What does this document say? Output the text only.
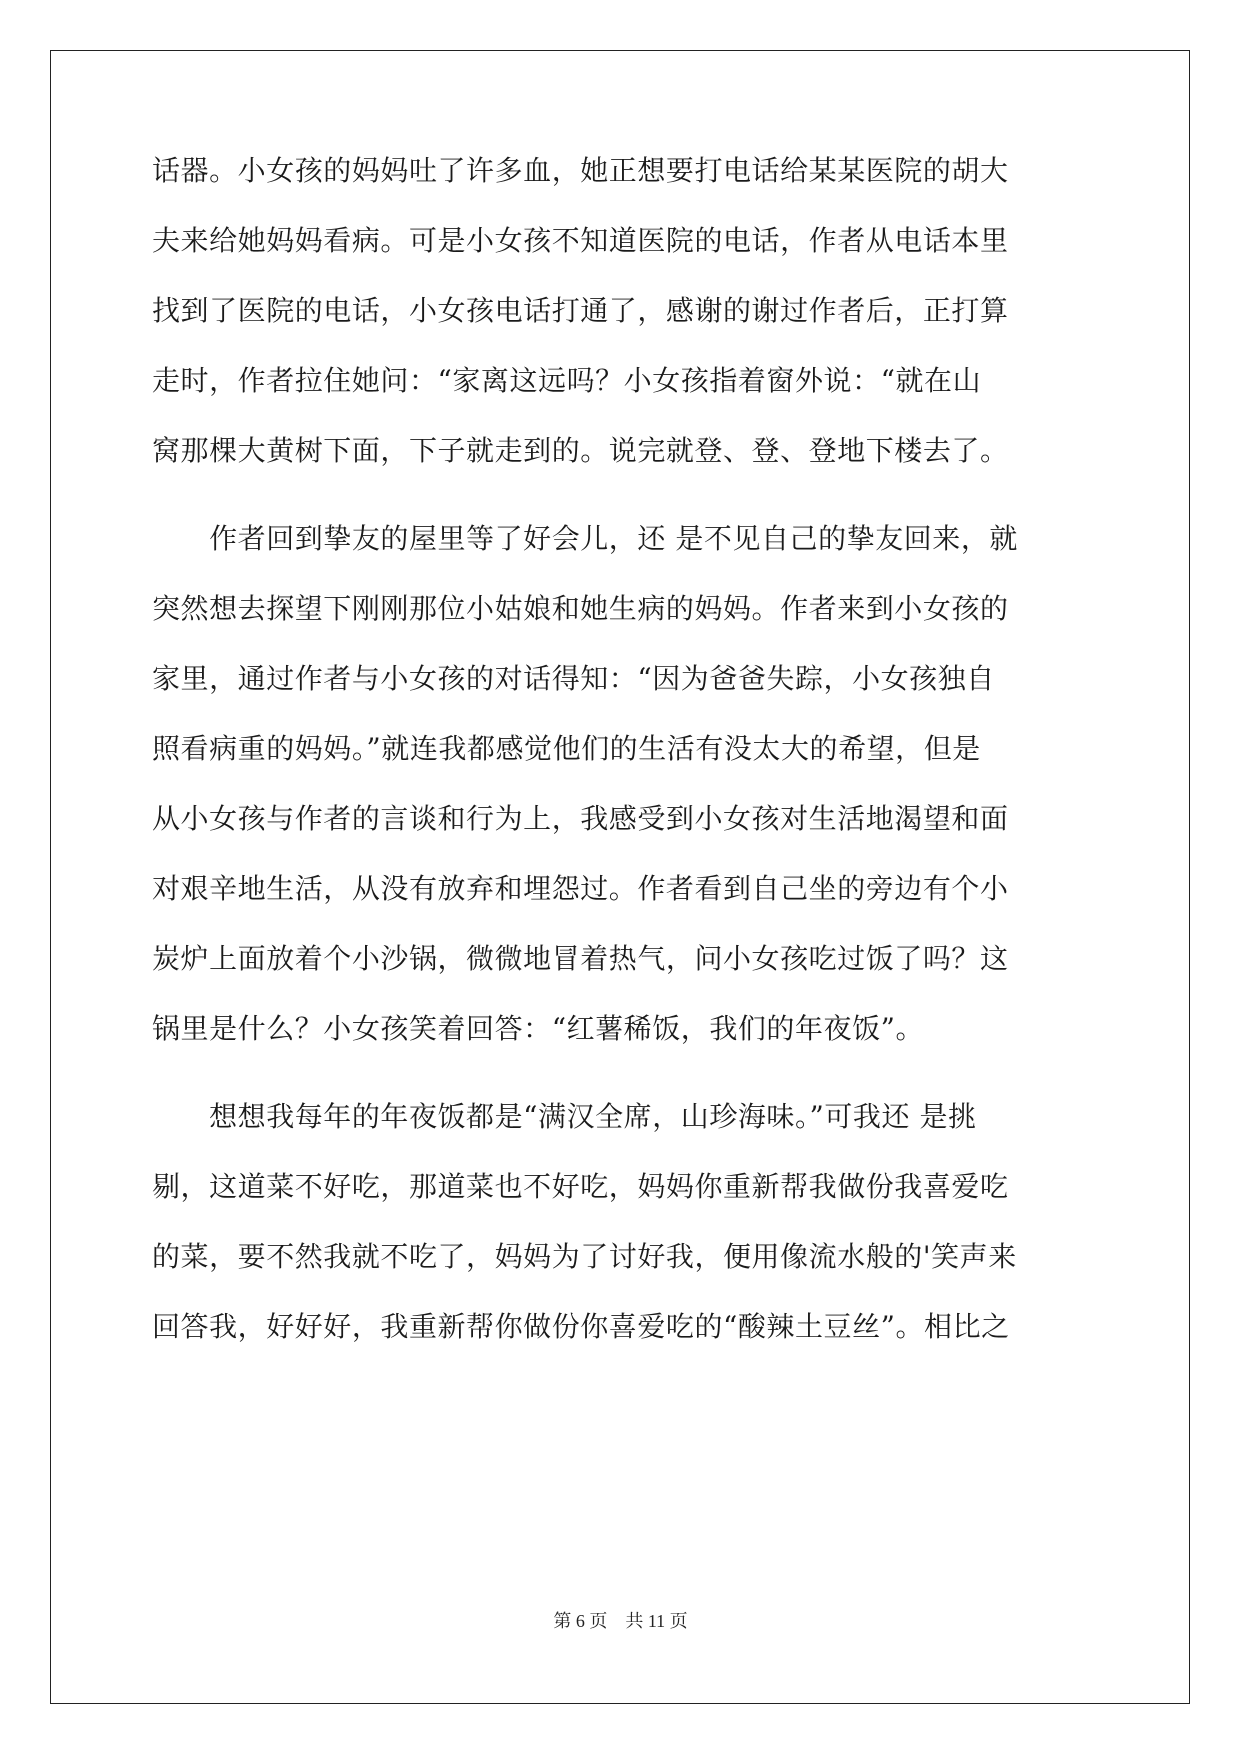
话器。小女孩的妈妈吐了许多血，她正想要打电话给某某医院的胡大
夫来给她妈妈看病。可是小女孩不知道医院的电话，作者从电话本里
找到了医院的电话，小女孩电话打通了，感谢的谢过作者后，正打算
走时，作者拉住她问：“家离这远吗？小女孩指着窗外说：“就在山
窝那棵大黄树下面，下子就走到的。说完就登、登、登地下楼去了。
　　作者回到挚友的屋里等了好会儿，还 是不见自己的挚友回来，就
突然想去探望下刚刚那位小姑娘和她生病的妈妈。作者来到小女孩的
家里，通过作者与小女孩的对话得知：“因为爸爸失踪，小女孩独自
照看病重的妈妈。”就连我都感觉他们的生活有没太大的希望，但是
从小女孩与作者的言谈和行为上，我感受到小女孩对生活地渴望和面
对艰辛地生活，从没有放弃和埋怨过。作者看到自己坐的旁边有个小
炭炉上面放着个小沙锅，微微地冒着热气，问小女孩吃过饭了吗？这
锅里是什么？小女孩笑着回答：“红薯稀饭，我们的年夜饭”。
　　想想我每年的年夜饭都是“满汉全席，山珍海味。”可我还 是挑
剔，这道菜不好吃，那道菜也不好吃，妈妈你重新帮我做份我喜爱吃
的菜，要不然我就不吃了，妈妈为了讨好我，便用像流水般的'笑声来
回答我，好好好，我重新帮你做份你喜爱吃的“酸辣土豆丝”。相比之
第 6 页    共 11 页
